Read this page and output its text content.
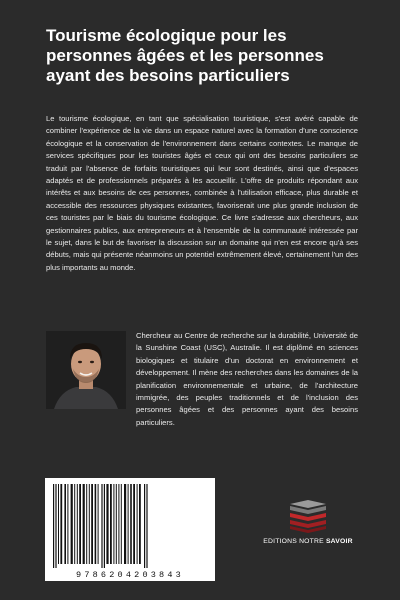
Tourisme écologique pour les personnes âgées et les personnes ayant des besoins particuliers

Le tourisme écologique, en tant que spécialisation touristique, s'est avéré capable de combiner l'expérience de la vie dans un espace naturel avec la formation d'une conscience écologique et la conservation de l'environnement dans certains contextes. Le manque de services spécifiques pour les touristes âgés et ceux qui ont des besoins particuliers se traduit par l'absence de forfaits touristiques qui leur sont destinés, ainsi que d'espaces adaptés et de professionnels préparés à les accueillir. L'offre de produits répondant aux intérêts et aux besoins de ces personnes, combinée à l'utilisation efficace, plus durable et accessible des ressources physiques existantes, favoriserait une plus grande inclusion de ces touristes par le biais du tourisme écologique. Ce livre s'adresse aux chercheurs, aux gestionnaires publics, aux entrepreneurs et à l'ensemble de la communauté intéressée par le sujet, dans le but de favoriser la discussion sur un domaine qui n'en est encore qu'à ses débuts, mais qui présente néanmoins un potentiel extrêmement élevé, certainement l'un des plus importants au monde.

Chercheur au Centre de recherche sur la durabilité, Université de la Sunshine Coast (USC), Australie. Il est diplômé en sciences biologiques et titulaire d'un doctorat en environnement et développement. Il mène des recherches dans les domaines de la planification environnementale et urbaine, de l'architecture immigrée, des peuples traditionnels et de l'inclusion des personnes âgées et des personnes ayant des besoins particuliers.

9786204203843
EDITIONS NOTRE SAVOIR
